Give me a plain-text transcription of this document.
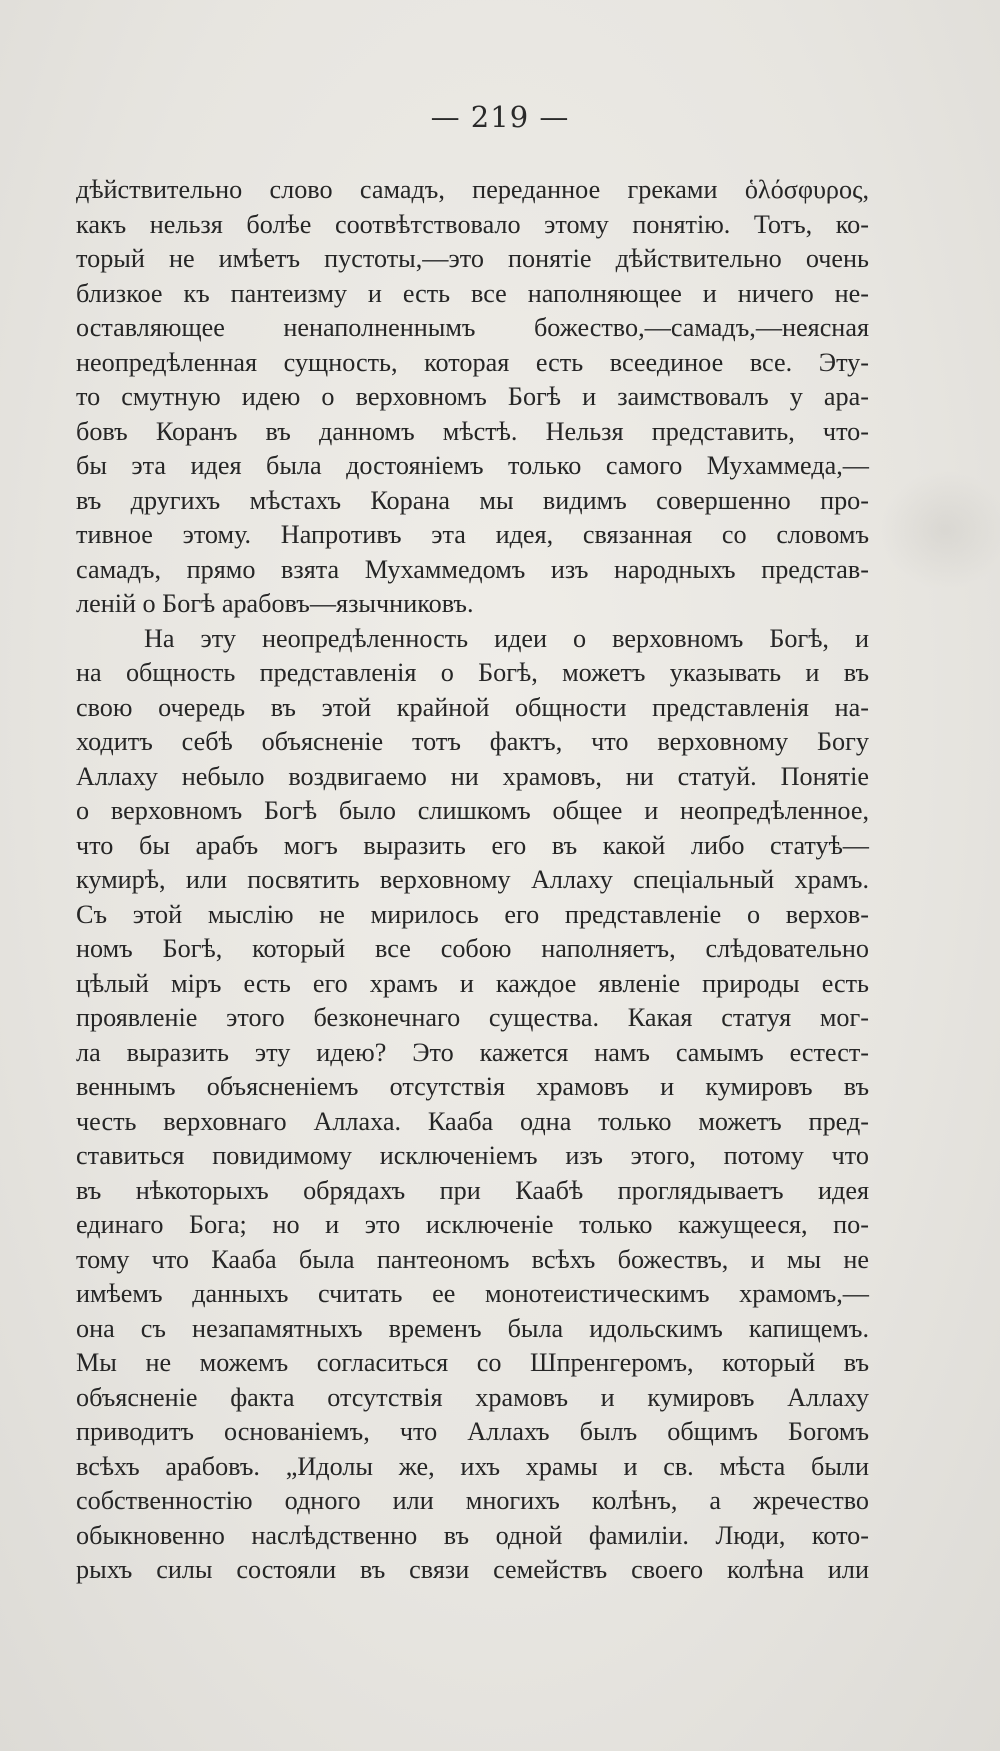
— 219 —
дѣйствительно слово самадъ, переданное греками ὁλόσφυρος,
какъ нельзя болѣе соотвѣтствовало этому понятію. Тотъ, ко-
торый не имѣетъ пустоты,—это понятіе дѣйствительно очень
близкое къ пантеизму и есть все наполняющее и ничего не-
оставляющее ненаполненнымъ божество,—самадъ,—неясная
неопредѣленная сущность, которая есть всеединое все. Эту-
то смутную идею о верховномъ Богѣ и заимствовалъ у ара-
бовъ Коранъ въ данномъ мѣстѣ. Нельзя представить, что-
бы эта идея была достояніемъ только самого Мухаммеда,—
въ другихъ мѣстахъ Корана мы видимъ совершенно про-
тивное этому. Напротивъ эта идея, связанная со словомъ
самадъ, прямо взята Мухаммедомъ изъ народныхъ представ-
леній о Богѣ арабовъ—язычниковъ.
На эту неопредѣленность идеи о верховномъ Богѣ, и
на общность представленія о Богѣ, можетъ указывать и въ
свою очередь въ этой крайной общности представленія на-
ходитъ себѣ объясненіе тотъ фактъ, что верховному Богу
Аллаху небыло воздвигаемо ни храмовъ, ни статуй. Понятіе
о верховномъ Богѣ было слишкомъ общее и неопредѣленное,
что бы арабъ могъ выразить его въ какой либо статуѣ—
кумирѣ, или посвятить верховному Аллаху спеціальный храмъ.
Съ этой мыслію не мирилось его представленіе о верхов-
номъ Богѣ, который все собою наполняетъ, слѣдовательно
цѣлый міръ есть его храмъ и каждое явленіе природы есть
проявленіе этого безконечнаго существа. Какая статуя мог-
ла выразить эту идею? Это кажется намъ самымъ естест-
веннымъ объясненіемъ отсутствія храмовъ и кумировъ въ
честь верховнаго Аллаха. Кааба одна только можетъ пред-
ставиться повидимому исключеніемъ изъ этого, потому что
въ нѣкоторыхъ обрядахъ при Каабѣ проглядываетъ идея
единаго Бога; но и это исключеніе только кажущееся, по-
тому что Кааба была пантеономъ всѣхъ божествъ, и мы не
имѣемъ данныхъ считать ее монотеистическимъ храмомъ,—
она съ незапамятныхъ временъ была идольскимъ капищемъ.
Мы не можемъ согласиться со Шпренгеромъ, который въ
объясненіе факта отсутствія храмовъ и кумировъ Аллаху
приводитъ основаніемъ, что Аллахъ былъ общимъ Богомъ
всѣхъ арабовъ. „Идолы же, ихъ храмы и св. мѣста были
собственностію одного или многихъ колѣнъ, а жречество
обыкновенно наслѣдственно въ одной фамиліи. Люди, кото-
рыхъ силы состояли въ связи семействъ своего колѣна или
